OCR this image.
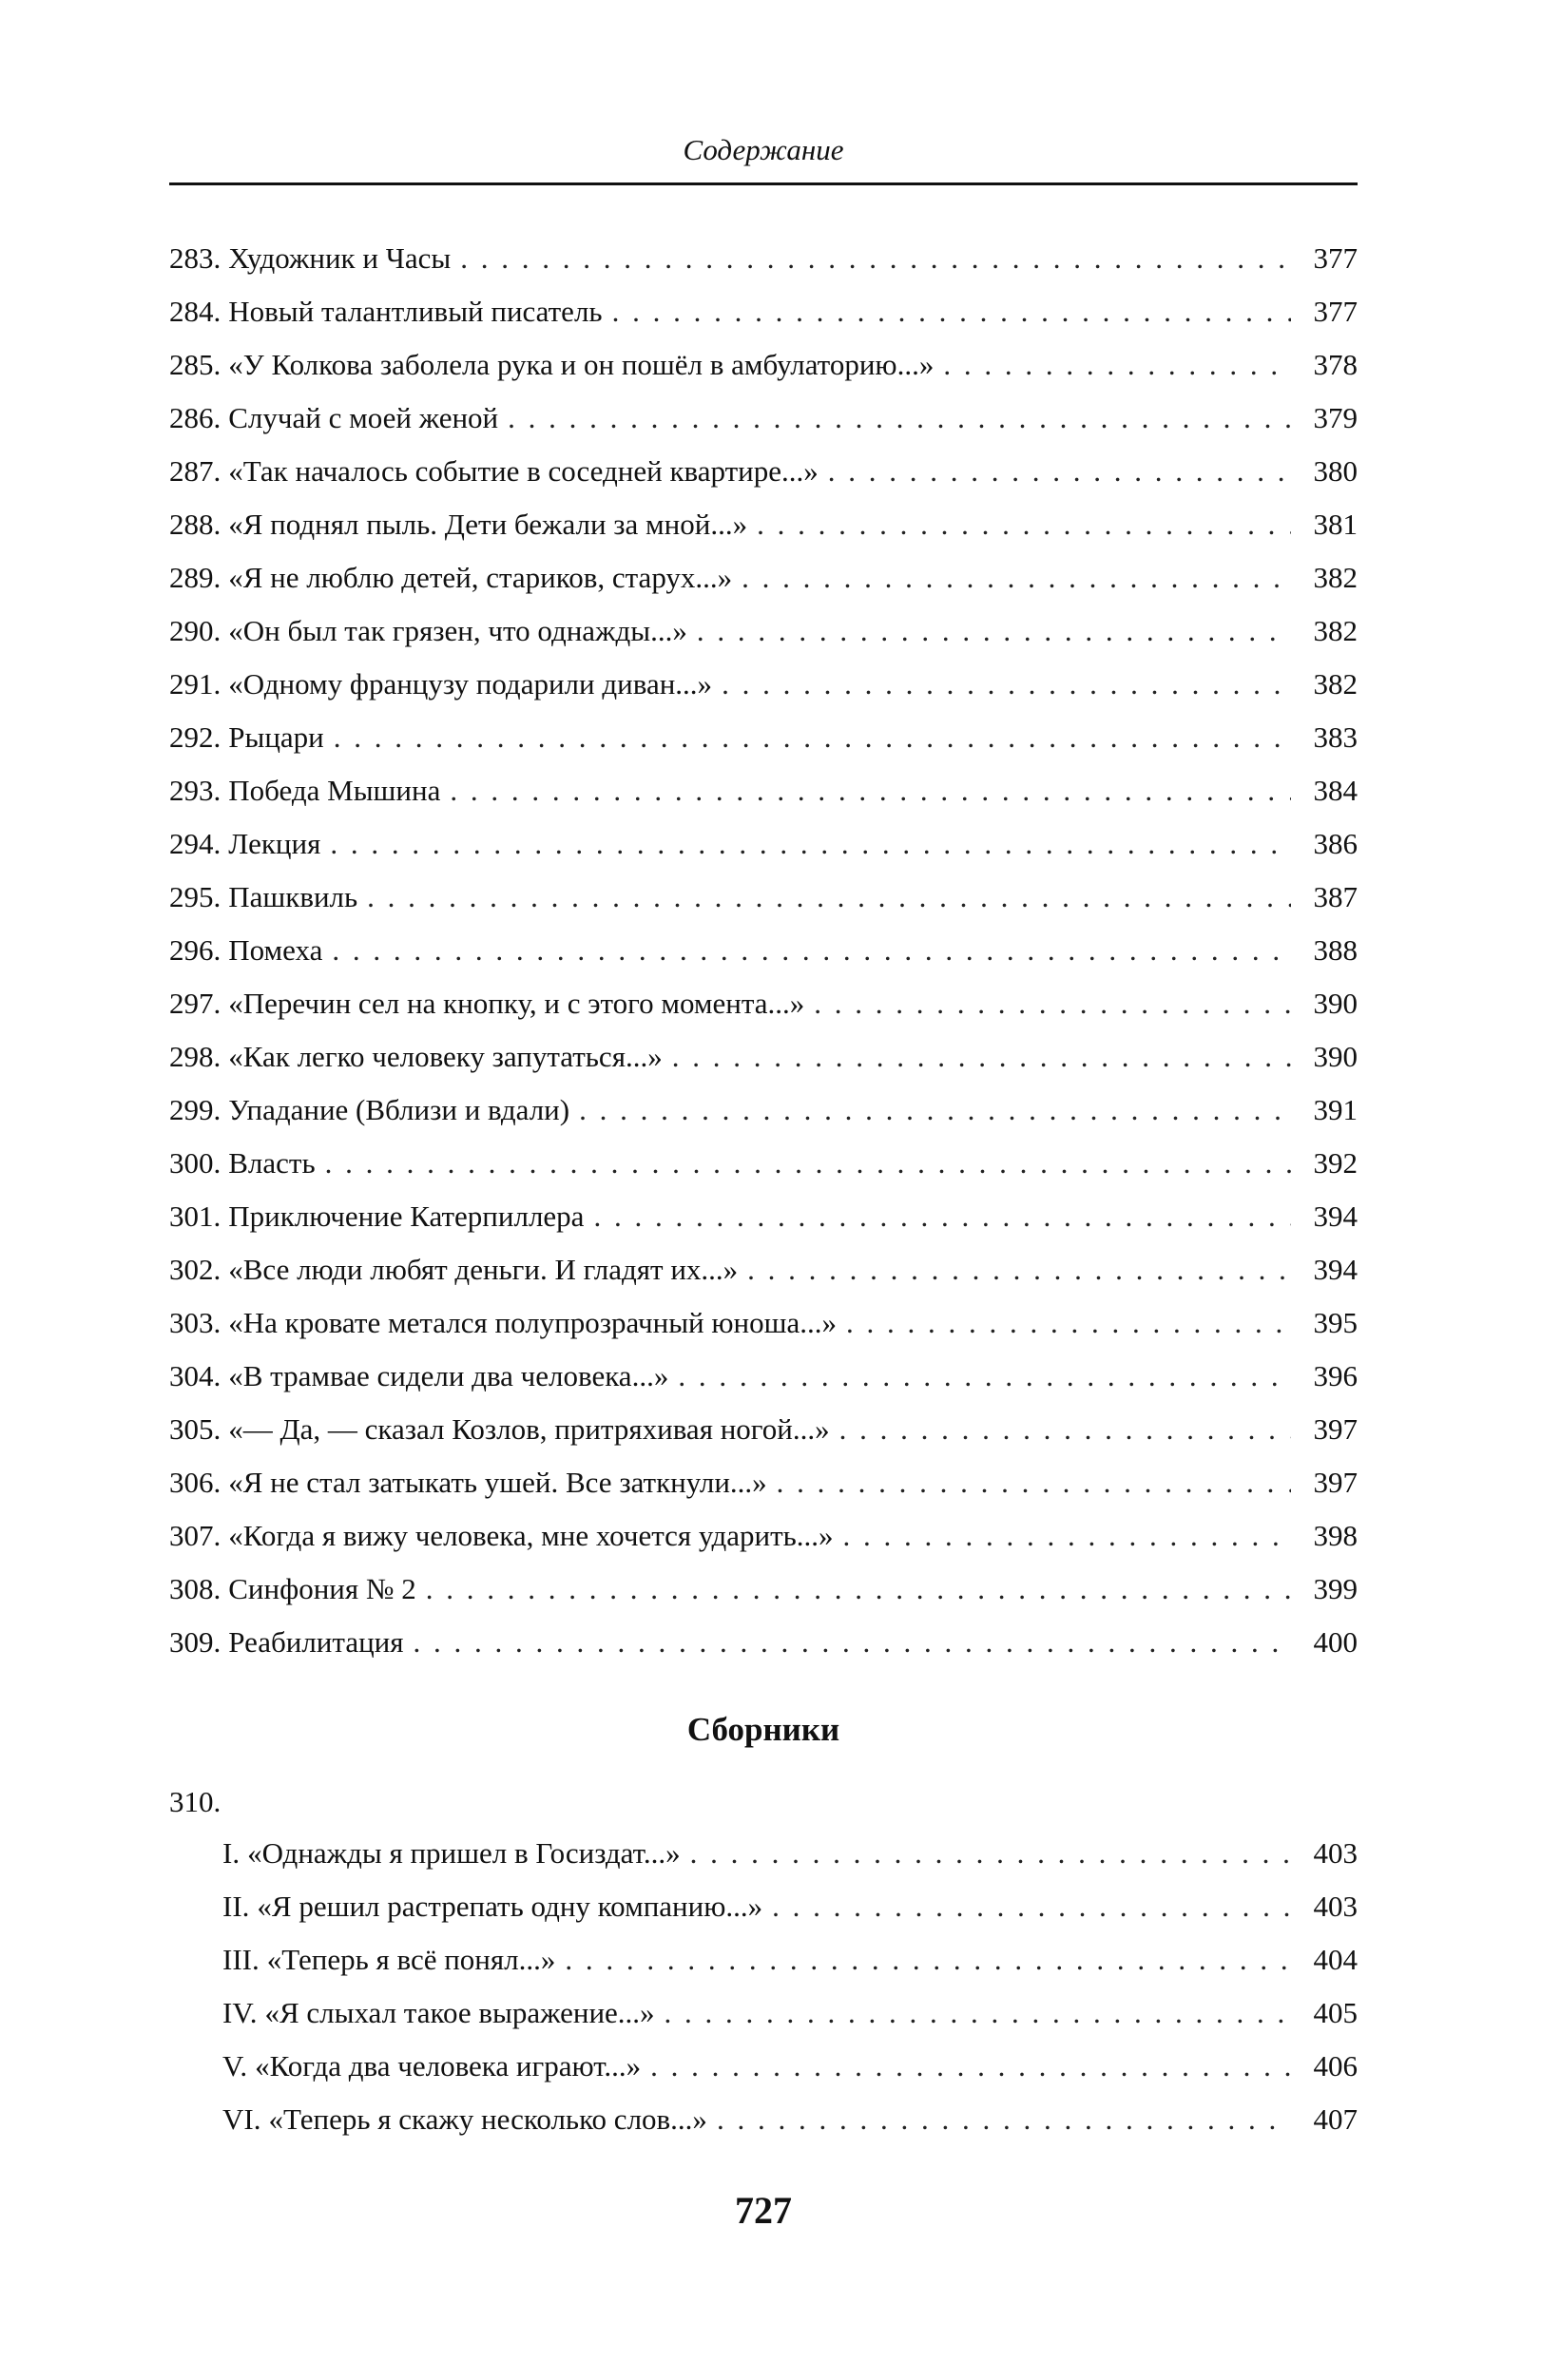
Содержание
283. Художник и Часы . . .	377
284. Новый талантливый писатель . . .	377
285. «У Колкова заболела рука и он пошёл в амбулаторию...» . . .	378
286. Случай с моей женой . . .	379
287. «Так началось событие в соседней квартире...» . . .	380
288. «Я поднял пыль. Дети бежали за мной...» . . .	381
289. «Я не люблю детей, стариков, старух...» . . .	382
290. «Он был так грязен, что однажды...» . . .	382
291. «Одному французу подарили диван...» . . .	382
292. Рыцари . . .	383
293. Победа Мышина . . .	384
294. Лекция . . .	386
295. Пашквиль . . .	387
296. Помеха . . .	388
297. «Перечин сел на кнопку, и с этого момента...» . . .	390
298. «Как легко человеку запутаться...» . . .	390
299. Упадание (Вблизи и вдали) . . .	391
300. Власть . . .	392
301. Приключение Катерпиллера . . .	394
302. «Все люди любят деньги. И гладят их...» . . .	394
303. «На кровате метался полупрозрачный юноша...» . . .	395
304. «В трамвае сидели два человека...» . . .	396
305. «— Да, — сказал Козлов, притряхивая ногой...» . . .	397
306. «Я не стал затыкать ушей. Все заткнули...» . . .	397
307. «Когда я вижу человека, мне хочется ударить...» . . .	398
308. Синфония № 2 . . .	399
309. Реабилитация . . .	400
Сборники
310.
I. «Однажды я пришел в Госиздат...» . . .	403
II. «Я решил растрепать одну компанию...» . . .	403
III. «Теперь я всё понял...» . . .	404
IV. «Я слыхал такое выражение...» . . .	405
V. «Когда два человека играют...» . . .	406
VI. «Теперь я скажу несколько слов...» . . .	407
727
